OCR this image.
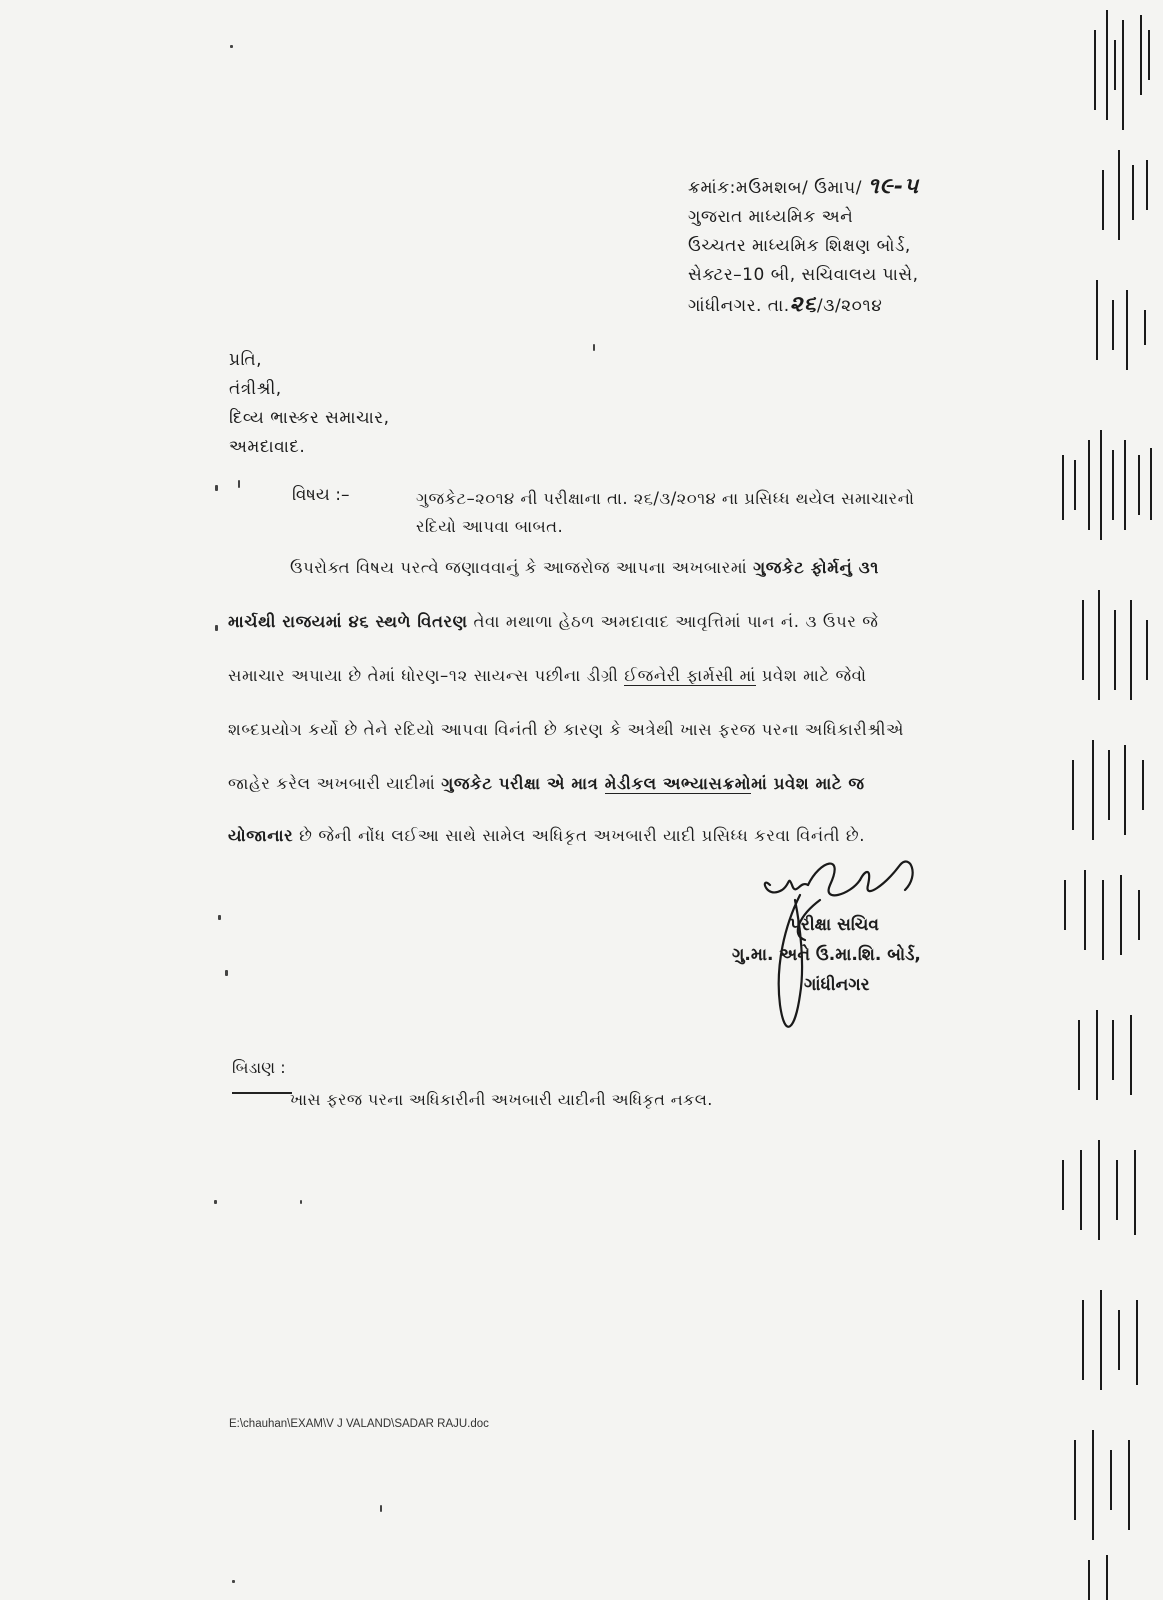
ક્રમાંક:મઉમશબ/ ઉમાપ/ ૧૯-૫
ગુજરાત માધ્યમિક અને
ઉચ્ચતર માધ્યમિક શિક્ષણ બોર્ડ,
સેક્ટર–10 બી, સચિવાલય પાસે,
ગાંધીનગર. તા.૨૬/૩/૨૦૧૪
પ્રતિ,
તંત્રીશ્રી,
દિવ્ય ભાસ્કર સમાચાર,
અમદાવાદ.
વિષય :–	ગુજકેટ–૨૦૧૪ ની પરીક્ષાના તા. ૨૬/૩/૨૦૧૪ ના પ્રસિધ્ધ થયેલ સમાચારનો રદિયો આપવા બાબત.
ઉપરોક્ત વિષય પરત્વે જણાવવાનું કે આજરોજ આપના અખબારમાં ગુજકેટ ફોર્મનું ૩૧
માર્ચથી રાજયમાં ૪૬ સ્થળે વિતરણ તેવા મથાળા હેઠળ અમદાવાદ આવૃત્તિમાં પાન નં. ૩ ઉપર જે
સમાચાર અપાયા છે તેમાં ધોરણ–૧૨ સાયન્સ પછીના ડીગ્રી ઈજનેરી ફાર્મસી માં પ્રવેશ માટે જેવો
શબ્દપ્રયોગ કર્યો છે તેને રદિયો આપવા વિનંતી છે કારણ કે અત્રેથી ખાસ ફરજ પરના અધિકારીશ્રીએ
જાહેર કરેલ અખબારી યાદીમાં ગુજકેટ પરીક્ષા એ માત્ર મેડીકલ અભ્યાસક્રમોમાં પ્રવેશ માટે જ
યોજાનાર છે જેની નોંધ લઈઆ સાથે સામેલ અધિકૃત અખબારી યાદી પ્રસિધ્ધ કરવા વિનંતી છે.
પરીક્ષા સચિવ
ગુ.મા. અને ઉ.મા.શિ. બોર્ડ,
ગાંધીનગર
બિડાણ :
ખાસ ફરજ પરના અધિકારીની અખબારી યાદીની અધિકૃત નકલ.
E:\chauhan\EXAM\V J VALAND\SADAR RAJU.doc
